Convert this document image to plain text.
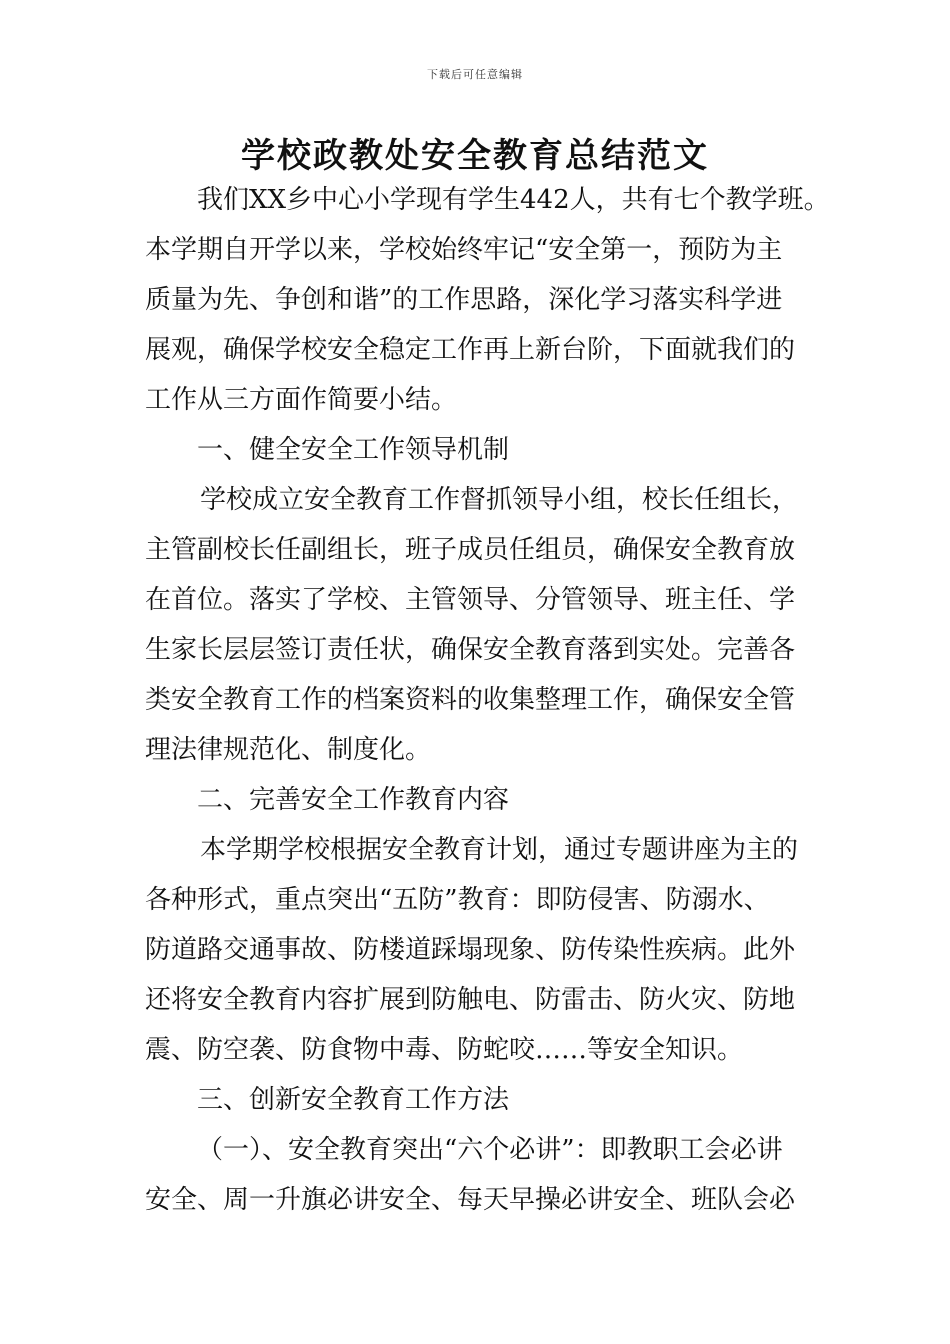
下载后可任意编辑
学校政教处安全教育总结范文
我们XX乡中心小学现有学生442人，共有七个教学班。
本学期自开学以来，学校始终牢记“安全第一，预防为主
质量为先、争创和谐”的工作思路，深化学习落实科学进
展观，确保学校安全稳定工作再上新台阶，下面就我们的
工作从三方面作简要小结。
一、健全安全工作领导机制
学校成立安全教育工作督抓领导小组，校长任组长，
主管副校长任副组长，班子成员任组员，确保安全教育放
在首位。落实了学校、主管领导、分管领导、班主任、学
生家长层层签订责任状，确保安全教育落到实处。完善各
类安全教育工作的档案资料的收集整理工作，确保安全管
理法律规范化、制度化。
二、完善安全工作教育内容
本学期学校根据安全教育计划，通过专题讲座为主的
各种形式，重点突出“五防”教育：即防侵害、防溺水、
防道路交通事故、防楼道踩塌现象、防传染性疾病。此外
还将安全教育内容扩展到防触电、防雷击、防火灾、防地
震、防空袭、防食物中毒、防蛇咬……等安全知识。
三、创新安全教育工作方法
（一）、安全教育突出“六个必讲”：即教职工会必讲
安全、周一升旗必讲安全、每天早操必讲安全、班队会必
